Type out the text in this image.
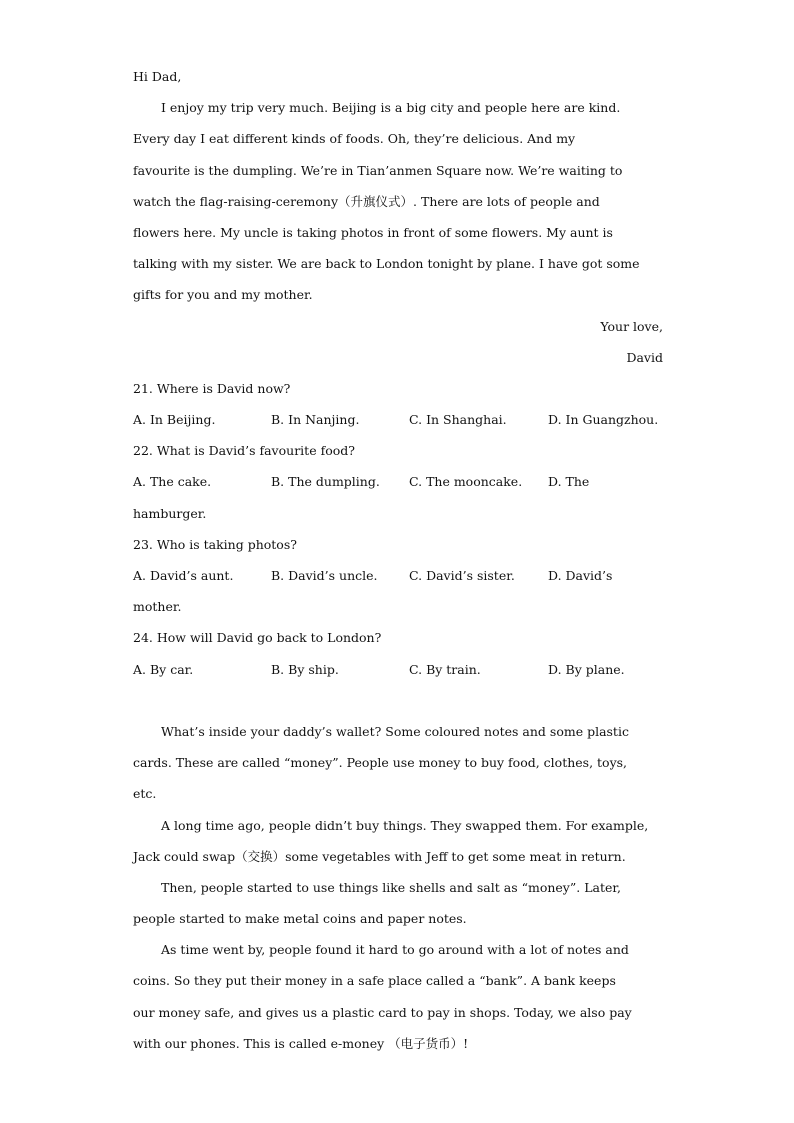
Hi Dad,
I enjoy my trip very much. Beijing is a big city and people here are kind.
Every day I eat different kinds of foods. Oh, they’re delicious. And my
favourite is the dumpling. We’re in Tian’anmen Square now. We’re waiting to
watch the flag-raising-ceremony（升旗仪式）. There are lots of people and
flowers here. My uncle is taking photos in front of some flowers. My aunt is
talking with my sister. We are back to London tonight by plane. I have got some
gifts for you and my mother.
Your love,
David
21. Where is David now?
A. In Beijing.	B. In Nanjing.	C. In Shanghai.	D. In Guangzhou.
22. What is David’s favourite food?
A. The cake.	B. The dumpling.	C. The mooncake.	D. The
hamburger.
23. Who is taking photos?
A. David’s aunt.	B. David’s uncle.	C. David’s sister.	D. David’s
mother.
24. How will David go back to London?
A. By car.	B. By ship.	C. By train.	D. By plane.
What’s inside your daddy’s wallet? Some coloured notes and some plastic
cards. These are called “money”. People use money to buy food, clothes, toys,
etc.
A long time ago, people didn’t buy things. They swapped them. For example,
Jack could swap（交换）some vegetables with Jeff to get some meat in return.
Then, people started to use things like shells and salt as “money”. Later,
people started to make metal coins and paper notes.
As time went by, people found it hard to go around with a lot of notes and
coins. So they put their money in a safe place called a “bank”. A bank keeps
our money safe, and gives us a plastic card to pay in shops. Today, we also pay
with our phones. This is called e-money （电子货币）!
